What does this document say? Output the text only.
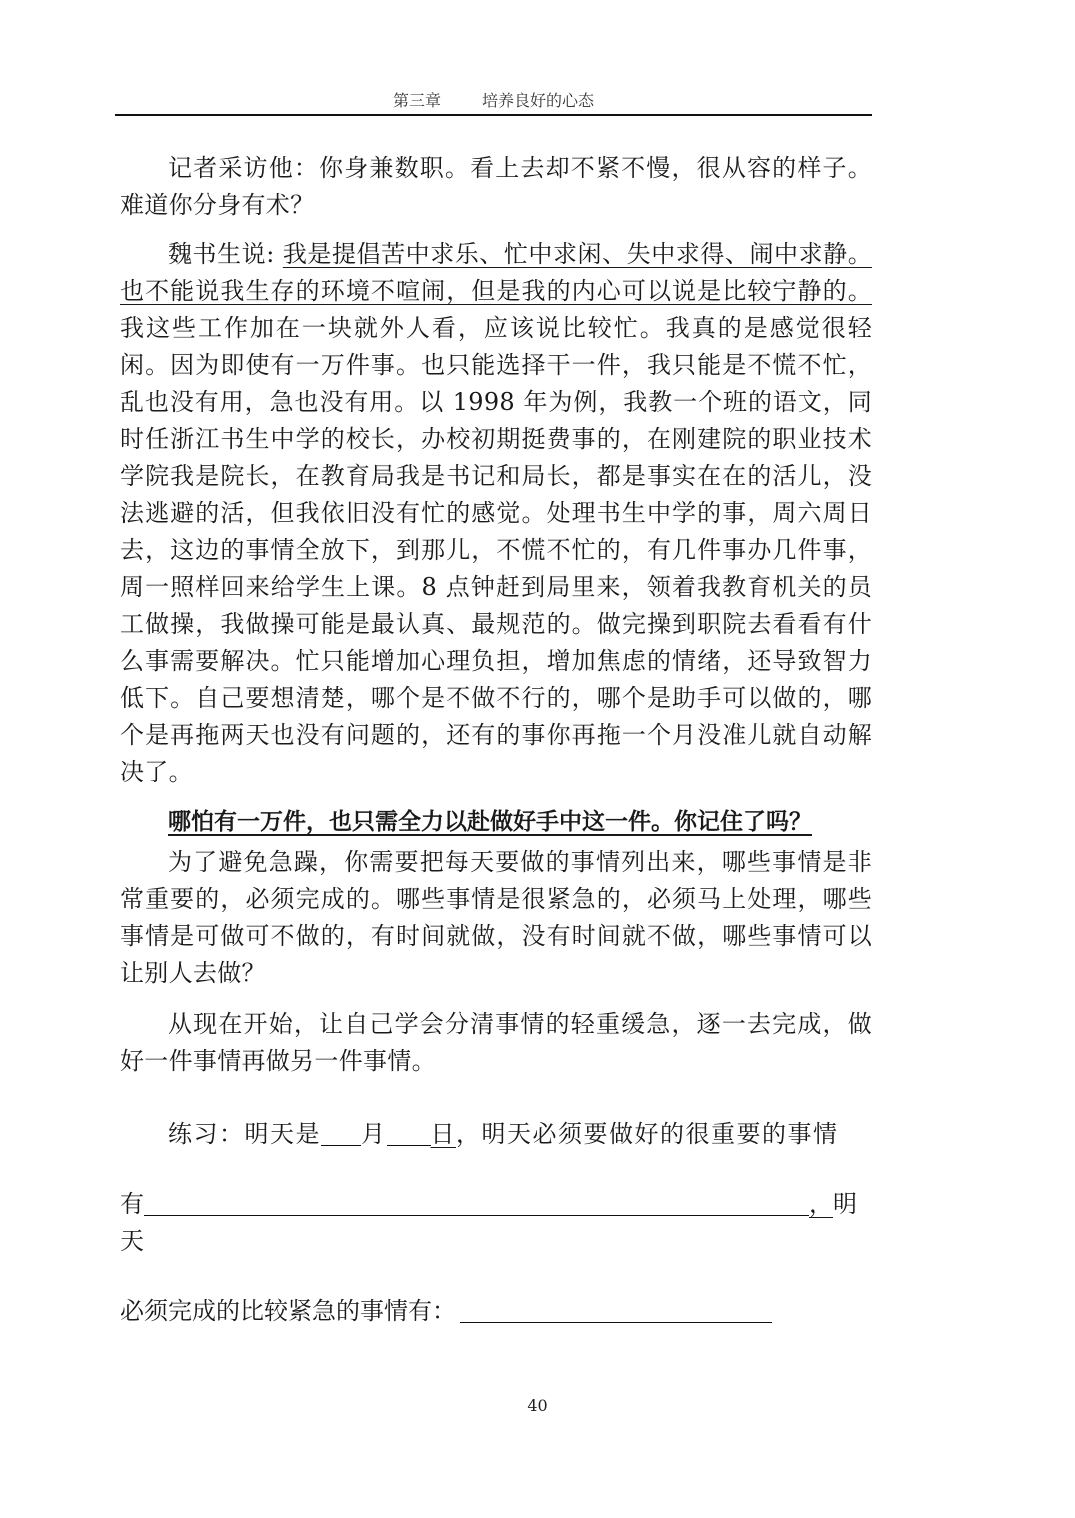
第三章	培养良好的心态

记者采访他：你身兼数职。看上去却不紧不慢，很从容的样子。难道你分身有术？

魏书生说: 我是提倡苦中求乐、忙中求闲、失中求得、闹中求静。也不能说我生存的环境不喧闹，但是我的内心可以说是比较宁静的。我这些工作加在一块就外人看，应该说比较忙。我真的是感觉很轻闲。因为即使有一万件事。也只能选择干一件，我只能是不慌不忙，乱也没有用，急也没有用。以 1998 年为例，我教一个班的语文，同时任浙江书生中学的校长，办校初期挺费事的，在刚建院的职业技术学院我是院长，在教育局我是书记和局长，都是事实在在的活儿，没法逃避的活，但我依旧没有忙的感觉。处理书生中学的事，周六周日去，这边的事情全放下，到那儿，不慌不忙的，有几件事办几件事，周一照样回来给学生上课。8 点钟赶到局里来，领着我教育机关的员工做操，我做操可能是最认真、最规范的。做完操到职院去看看有什么事需要解决。忙只能增加心理负担，增加焦虑的情绪，还导致智力低下。自己要想清楚，哪个是不做不行的，哪个是助手可以做的，哪个是再拖两天也没有问题的，还有的事你再拖一个月没准儿就自动解决了。

哪怕有一万件，也只需全力以赴做好手中这一件。你记住了吗？

为了避免急躁，你需要把每天要做的事情列出来，哪些事情是非常重要的，必须完成的。哪些事情是很紧急的，必须马上处理，哪些事情是可做可不做的，有时间就做，没有时间就不做，哪些事情可以让别人去做？

从现在开始，让自己学会分清事情的轻重缓急，逐一去完成，做好一件事情再做另一件事情。

练习：明天是 月 日，明天必须要做好的很重要的事情
有	，明天
必须完成的比较紧急的事情有：
40
